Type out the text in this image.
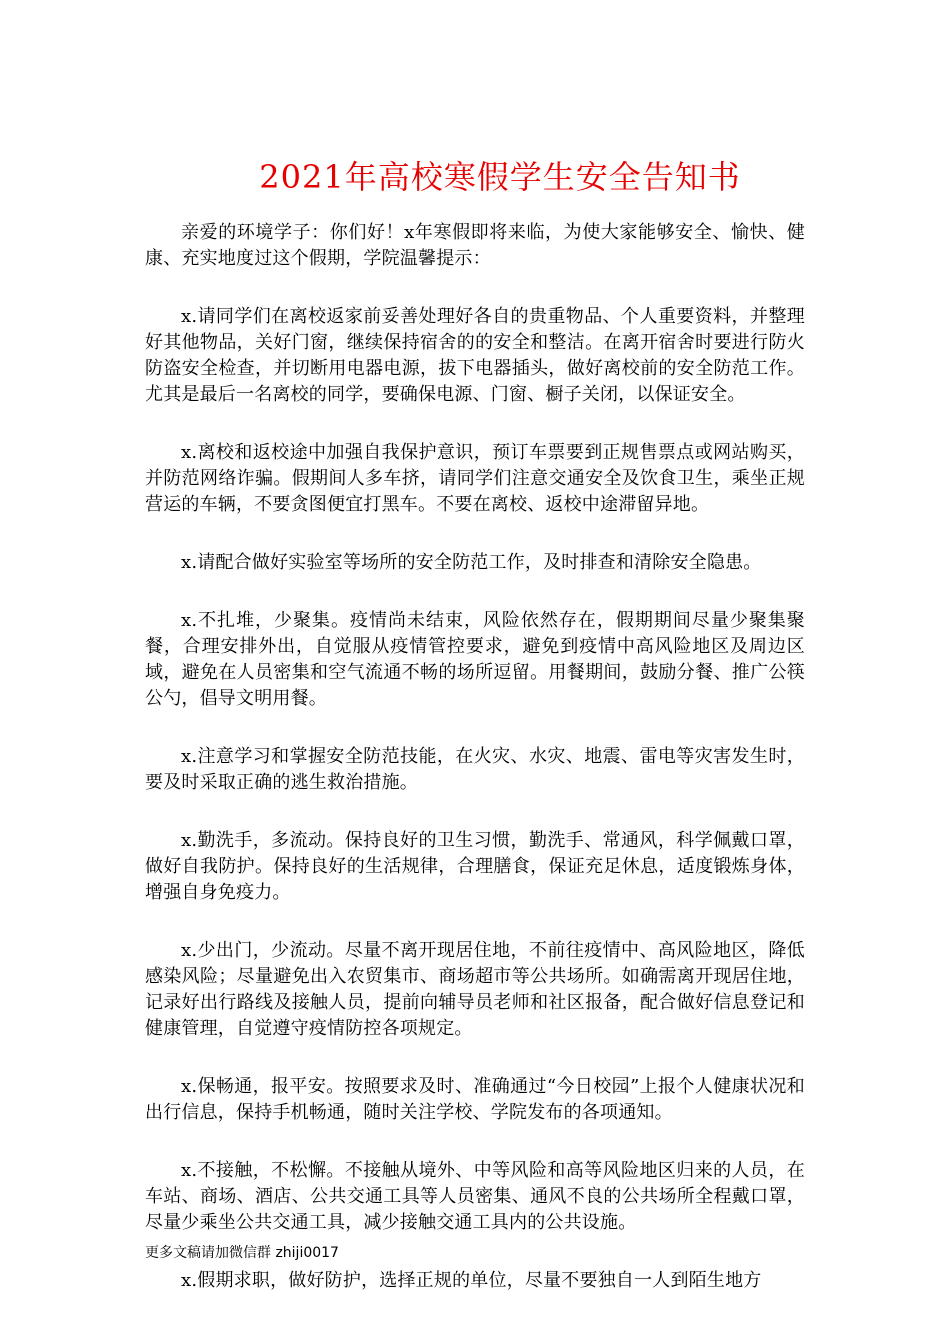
2021年高校寒假学生安全告知书

亲爱的环境学子：你们好！x年寒假即将来临，为使大家能够安全、愉快、健康、充实地度过这个假期，学院温馨提示：

x.请同学们在离校返家前妥善处理好各自的贵重物品、个人重要资料，并整理好其他物品，关好门窗，继续保持宿舍的的安全和整洁。在离开宿舍时要进行防火防盗安全检查，并切断用电器电源，拔下电器插头，做好离校前的安全防范工作。尤其是最后一名离校的同学，要确保电源、门窗、橱子关闭，以保证安全。

x.离校和返校途中加强自我保护意识，预订车票要到正规售票点或网站购买，并防范网络诈骗。假期间人多车挤，请同学们注意交通安全及饮食卫生，乘坐正规营运的车辆，不要贪图便宜打黑车。不要在离校、返校中途滞留异地。

x.请配合做好实验室等场所的安全防范工作，及时排查和清除安全隐患。

x.不扎堆，少聚集。疫情尚未结束，风险依然存在，假期期间尽量少聚集聚餐，合理安排外出，自觉服从疫情管控要求，避免到疫情中高风险地区及周边区域，避免在人员密集和空气流通不畅的场所逗留。用餐期间，鼓励分餐、推广公筷公勺，倡导文明用餐。

x.注意学习和掌握安全防范技能，在火灾、水灾、地震、雷电等灾害发生时，要及时采取正确的逃生救治措施。

x.勤洗手，多流动。保持良好的卫生习惯，勤洗手、常通风，科学佩戴口罩，做好自我防护。保持良好的生活规律，合理膳食，保证充足休息，适度锻炼身体，增强自身免疫力。

x.少出门，少流动。尽量不离开现居住地，不前往疫情中、高风险地区，降低感染风险；尽量避免出入农贸集市、商场超市等公共场所。如确需离开现居住地，记录好出行路线及接触人员，提前向辅导员老师和社区报备，配合做好信息登记和健康管理，自觉遵守疫情防控各项规定。

x.保畅通，报平安。按照要求及时、准确通过“今日校园”上报个人健康状况和出行信息，保持手机畅通，随时关注学校、学院发布的各项通知。

x.不接触，不松懈。不接触从境外、中等风险和高等风险地区归来的人员，在车站、商场、酒店、公共交通工具等人员密集、通风不良的公共场所全程戴口罩，尽量少乘坐公共交通工具，减少接触交通工具内的公共设施。

x.假期求职，做好防护，选择正规的单位，尽量不要独自一人到陌生地方

更多文稿请加微信群 zhiji0017
